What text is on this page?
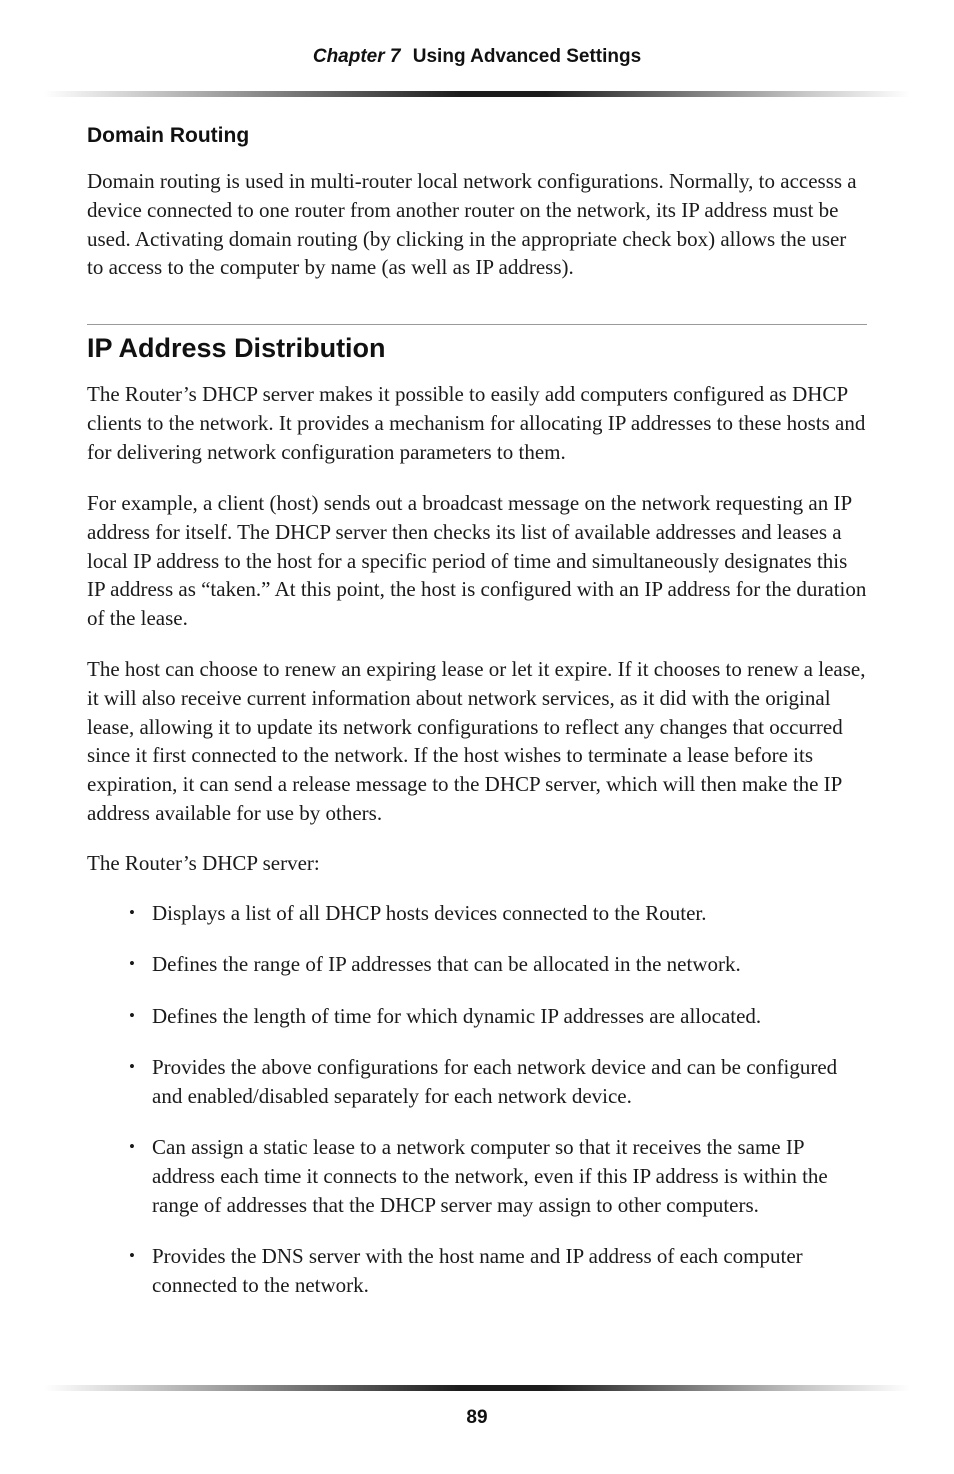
Chapter 7 Using Advanced Settings
Domain Routing

Domain routing is used in multi-router local network configurations. Normally, to accesss a device connected to one router from another router on the network, its IP address must be used. Activating domain routing (by clicking in the appropriate check box) allows the user to access to the computer by name (as well as IP address).

IP Address Distribution

The Router’s DHCP server makes it possible to easily add computers configured as DHCP clients to the network. It provides a mechanism for allocating IP addresses to these hosts and for delivering network configuration parameters to them.

For example, a client (host) sends out a broadcast message on the network requesting an IP address for itself. The DHCP server then checks its list of available addresses and leases a local IP address to the host for a specific period of time and simultaneously designates this IP address as “taken.” At this point, the host is configured with an IP address for the duration of the lease.

The host can choose to renew an expiring lease or let it expire. If it chooses to renew a lease, it will also receive current information about network services, as it did with the original lease, allowing it to update its network configurations to reflect any changes that occurred since it first connected to the network. If the host wishes to terminate a lease before its expiration, it can send a release message to the DHCP server, which will then make the IP address available for use by others.

The Router’s DHCP server:

• Displays a list of all DHCP hosts devices connected to the Router.
• Defines the range of IP addresses that can be allocated in the network.
• Defines the length of time for which dynamic IP addresses are allocated.
• Provides the above configurations for each network device and can be configured and enabled/disabled separately for each network device.
• Can assign a static lease to a network computer so that it receives the same IP address each time it connects to the network, even if this IP address is within the range of addresses that the DHCP server may assign to other computers.
• Provides the DNS server with the host name and IP address of each computer connected to the network.
89
